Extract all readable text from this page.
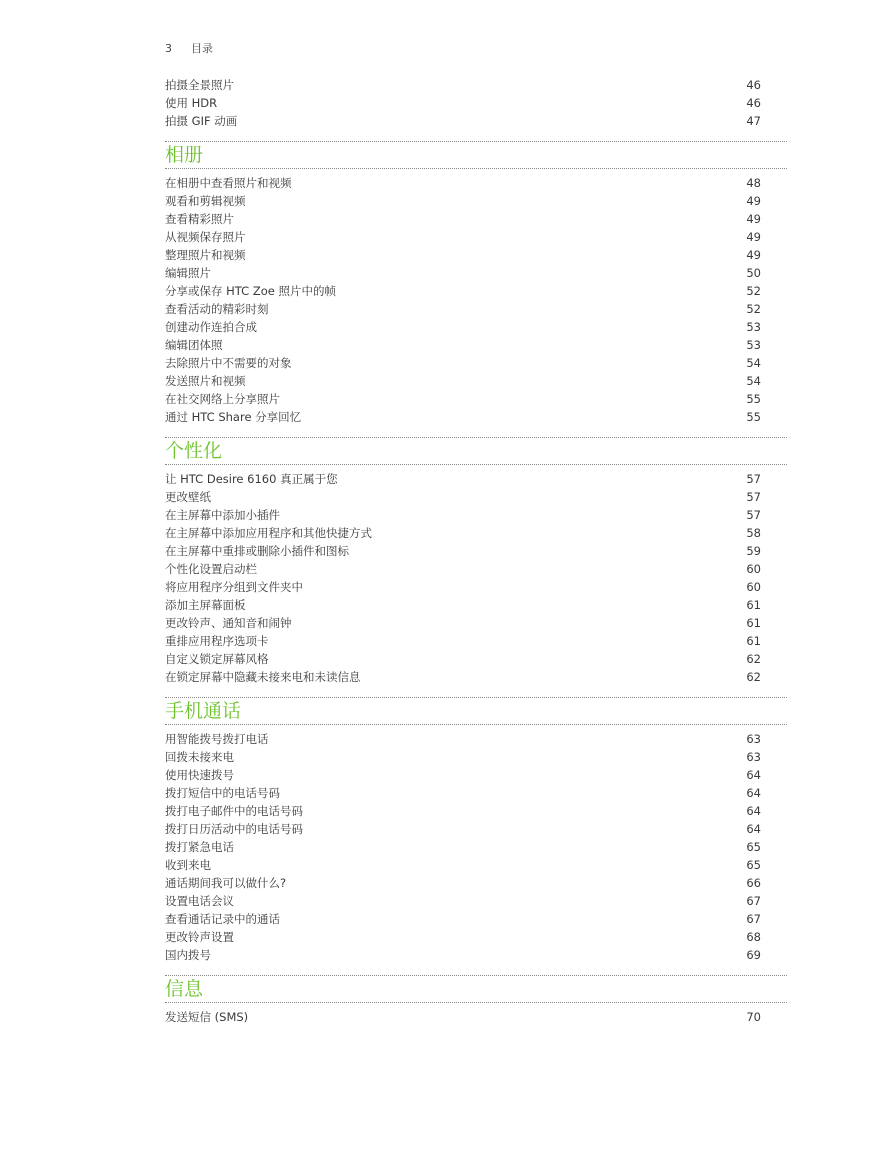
3 目录
拍摄全景照片	46
使用 HDR	46
拍摄 GIF 动画	47
相册
在相册中查看照片和视频	48
观看和剪辑视频	49
查看精彩照片	49
从视频保存照片	49
整理照片和视频	49
编辑照片	50
分享或保存 HTC Zoe 照片中的帧	52
查看活动的精彩时刻	52
创建动作连拍合成	53
编辑团体照	53
去除照片中不需要的对象	54
发送照片和视频	54
在社交网络上分享照片	55
通过 HTC Share 分享回忆	55
个性化
让 HTC Desire 6160 真正属于您	57
更改壁纸	57
在主屏幕中添加小插件	57
在主屏幕中添加应用程序和其他快捷方式	58
在主屏幕中重排或删除小插件和图标	59
个性化设置启动栏	60
将应用程序分组到文件夹中	60
添加主屏幕面板	61
更改铃声、通知音和闹钟	61
重排应用程序选项卡	61
自定义锁定屏幕风格	62
在锁定屏幕中隐藏未接来电和未读信息	62
手机通话
用智能拨号拨打电话	63
回拨未接来电	63
使用快速拨号	64
拨打短信中的电话号码	64
拨打电子邮件中的电话号码	64
拨打日历活动中的电话号码	64
拨打紧急电话	65
收到来电	65
通话期间我可以做什么?	66
设置电话会议	67
查看通话记录中的通话	67
更改铃声设置	68
国内拨号	69
信息
发送短信 (SMS)	70
